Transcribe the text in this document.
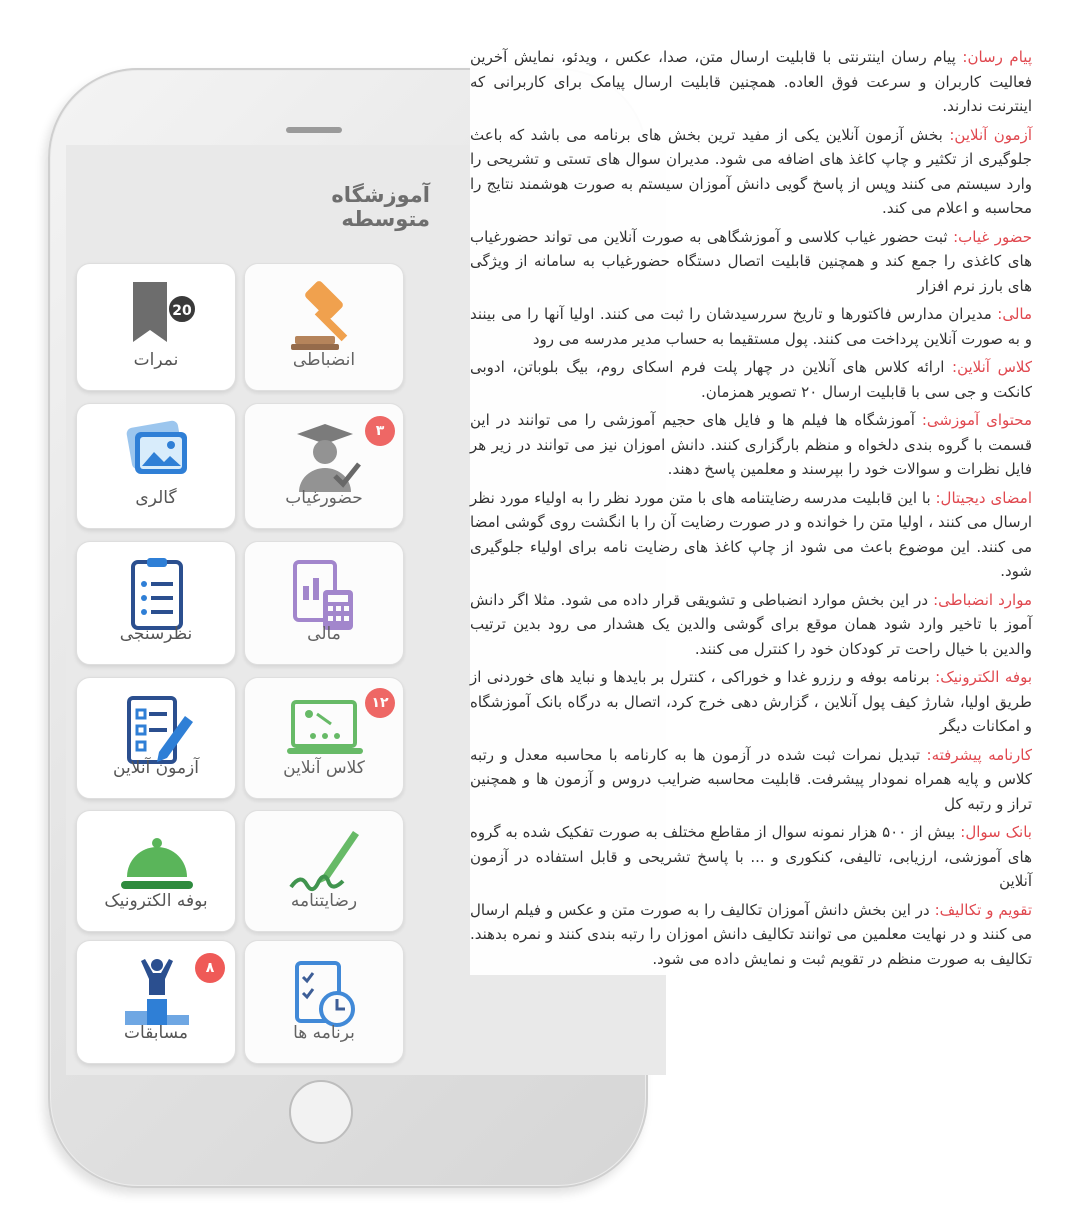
آموزشگاه متوسطه
20
نمرات
گالری
نظرسنجی
آزمون آنلاین
بوفه الکترونیک
۸
مسابقات
انضباطی
۳
حضورغیاب
مالی
۱۲
کلاس آنلاین
رضایتنامه
برنامه ها

پیام رسان: پیام رسان اینترنتی با قابلیت ارسال متن، صدا، عکس ، ویدئو، نمایش آخرین فعالیت کاربران و سرعت فوق العاده. همچنین قابلیت ارسال پیامک برای کاربرانی که اینترنت ندارند.

آزمون آنلاین: بخش آزمون آنلاین یکی از مفید ترین بخش های برنامه می باشد که باعث جلوگیری از تکثیر و چاپ کاغذ های اضافه می شود. مدیران سوال های تستی و تشریحی را وارد سیستم می کنند وپس از پاسخ گویی دانش آموزان سیستم به صورت هوشمند نتایج را محاسبه و اعلام می کند.

حضور غیاب: ثبت حضور غیاب کلاسی و آموزشگاهی به صورت آنلاین می تواند حضورغیاب های کاغذی را جمع کند و همچنین قابلیت اتصال دستگاه حضورغیاب به سامانه از ویژگی های بارز نرم افزار

مالی: مدیران مدارس فاکتورها و تاریخ سررسیدشان را ثبت می کنند. اولیا آنها را می بینند و به صورت آنلاین پرداخت می کنند. پول مستقیما به حساب مدیر مدرسه می رود

کلاس آنلاین: ارائه کلاس های آنلاین در چهار پلت فرم اسکای روم، بیگ بلوباتن، ادوبی کانکت و جی سی با قابلیت ارسال ۲۰ تصویر همزمان.

محتوای آموزشی: آموزشگاه ها فیلم ها و فایل های حجیم آموزشی را می توانند در این قسمت با گروه بندی دلخواه و منظم بارگزاری کنند. دانش اموزان نیز می توانند در زیر هر فایل نظرات و سوالات خود را بپرسند و معلمین پاسخ دهند.

امضای دیجیتال: با این قابلیت مدرسه رضایتنامه های با متن مورد نظر را به اولیاء مورد نظر ارسال می کنند ، اولیا متن را خوانده و در صورت رضایت آن را با انگشت روی گوشی امضا می کنند. این موضوع باعث می شود از چاپ کاغذ های رضایت نامه برای اولیاء جلوگیری شود.

موارد انضباطی: در این بخش موارد انضباطی و تشویقی قرار داده می شود. مثلا اگر دانش آموز با تاخیر وارد شود همان موقع برای گوشی والدین یک هشدار می رود بدین ترتیب والدین با خیال راحت تر کودکان خود را کنترل می کنند.

بوفه الکترونیک: برنامه بوفه و رزرو غدا و خوراکی ، کنترل بر بایدها و نباید های خوردنی از طریق اولیا، شارژ کیف پول آنلاین ، گزارش دهی خرج کرد، اتصال به درگاه بانک آموزشگاه و امکانات دیگر

کارنامه پیشرفته: تبدیل نمرات ثبت شده در آزمون ها به کارنامه با محاسبه معدل و رتبه کلاس و پایه همراه نمودار پیشرفت. قابلیت محاسبه ضرایب دروس و آزمون ها و همچنین تراز و رتبه کل

بانک سوال: بیش از ۵۰۰ هزار نمونه سوال از مقاطع مختلف به صورت تفکیک شده به گروه های آموزشی، ارزیابی، تالیفی، کنکوری و ... با پاسخ تشریحی و قابل استفاده در آزمون آنلاین

تقویم و تکالیف: در این بخش دانش آموزان تکالیف را به صورت متن و عکس و فیلم ارسال می کنند و در نهایت معلمین می توانند تکالیف دانش اموزان را رتبه بندی کنند و نمره بدهند. تکالیف به صورت منظم در تقویم ثبت و نمایش داده می شود.
